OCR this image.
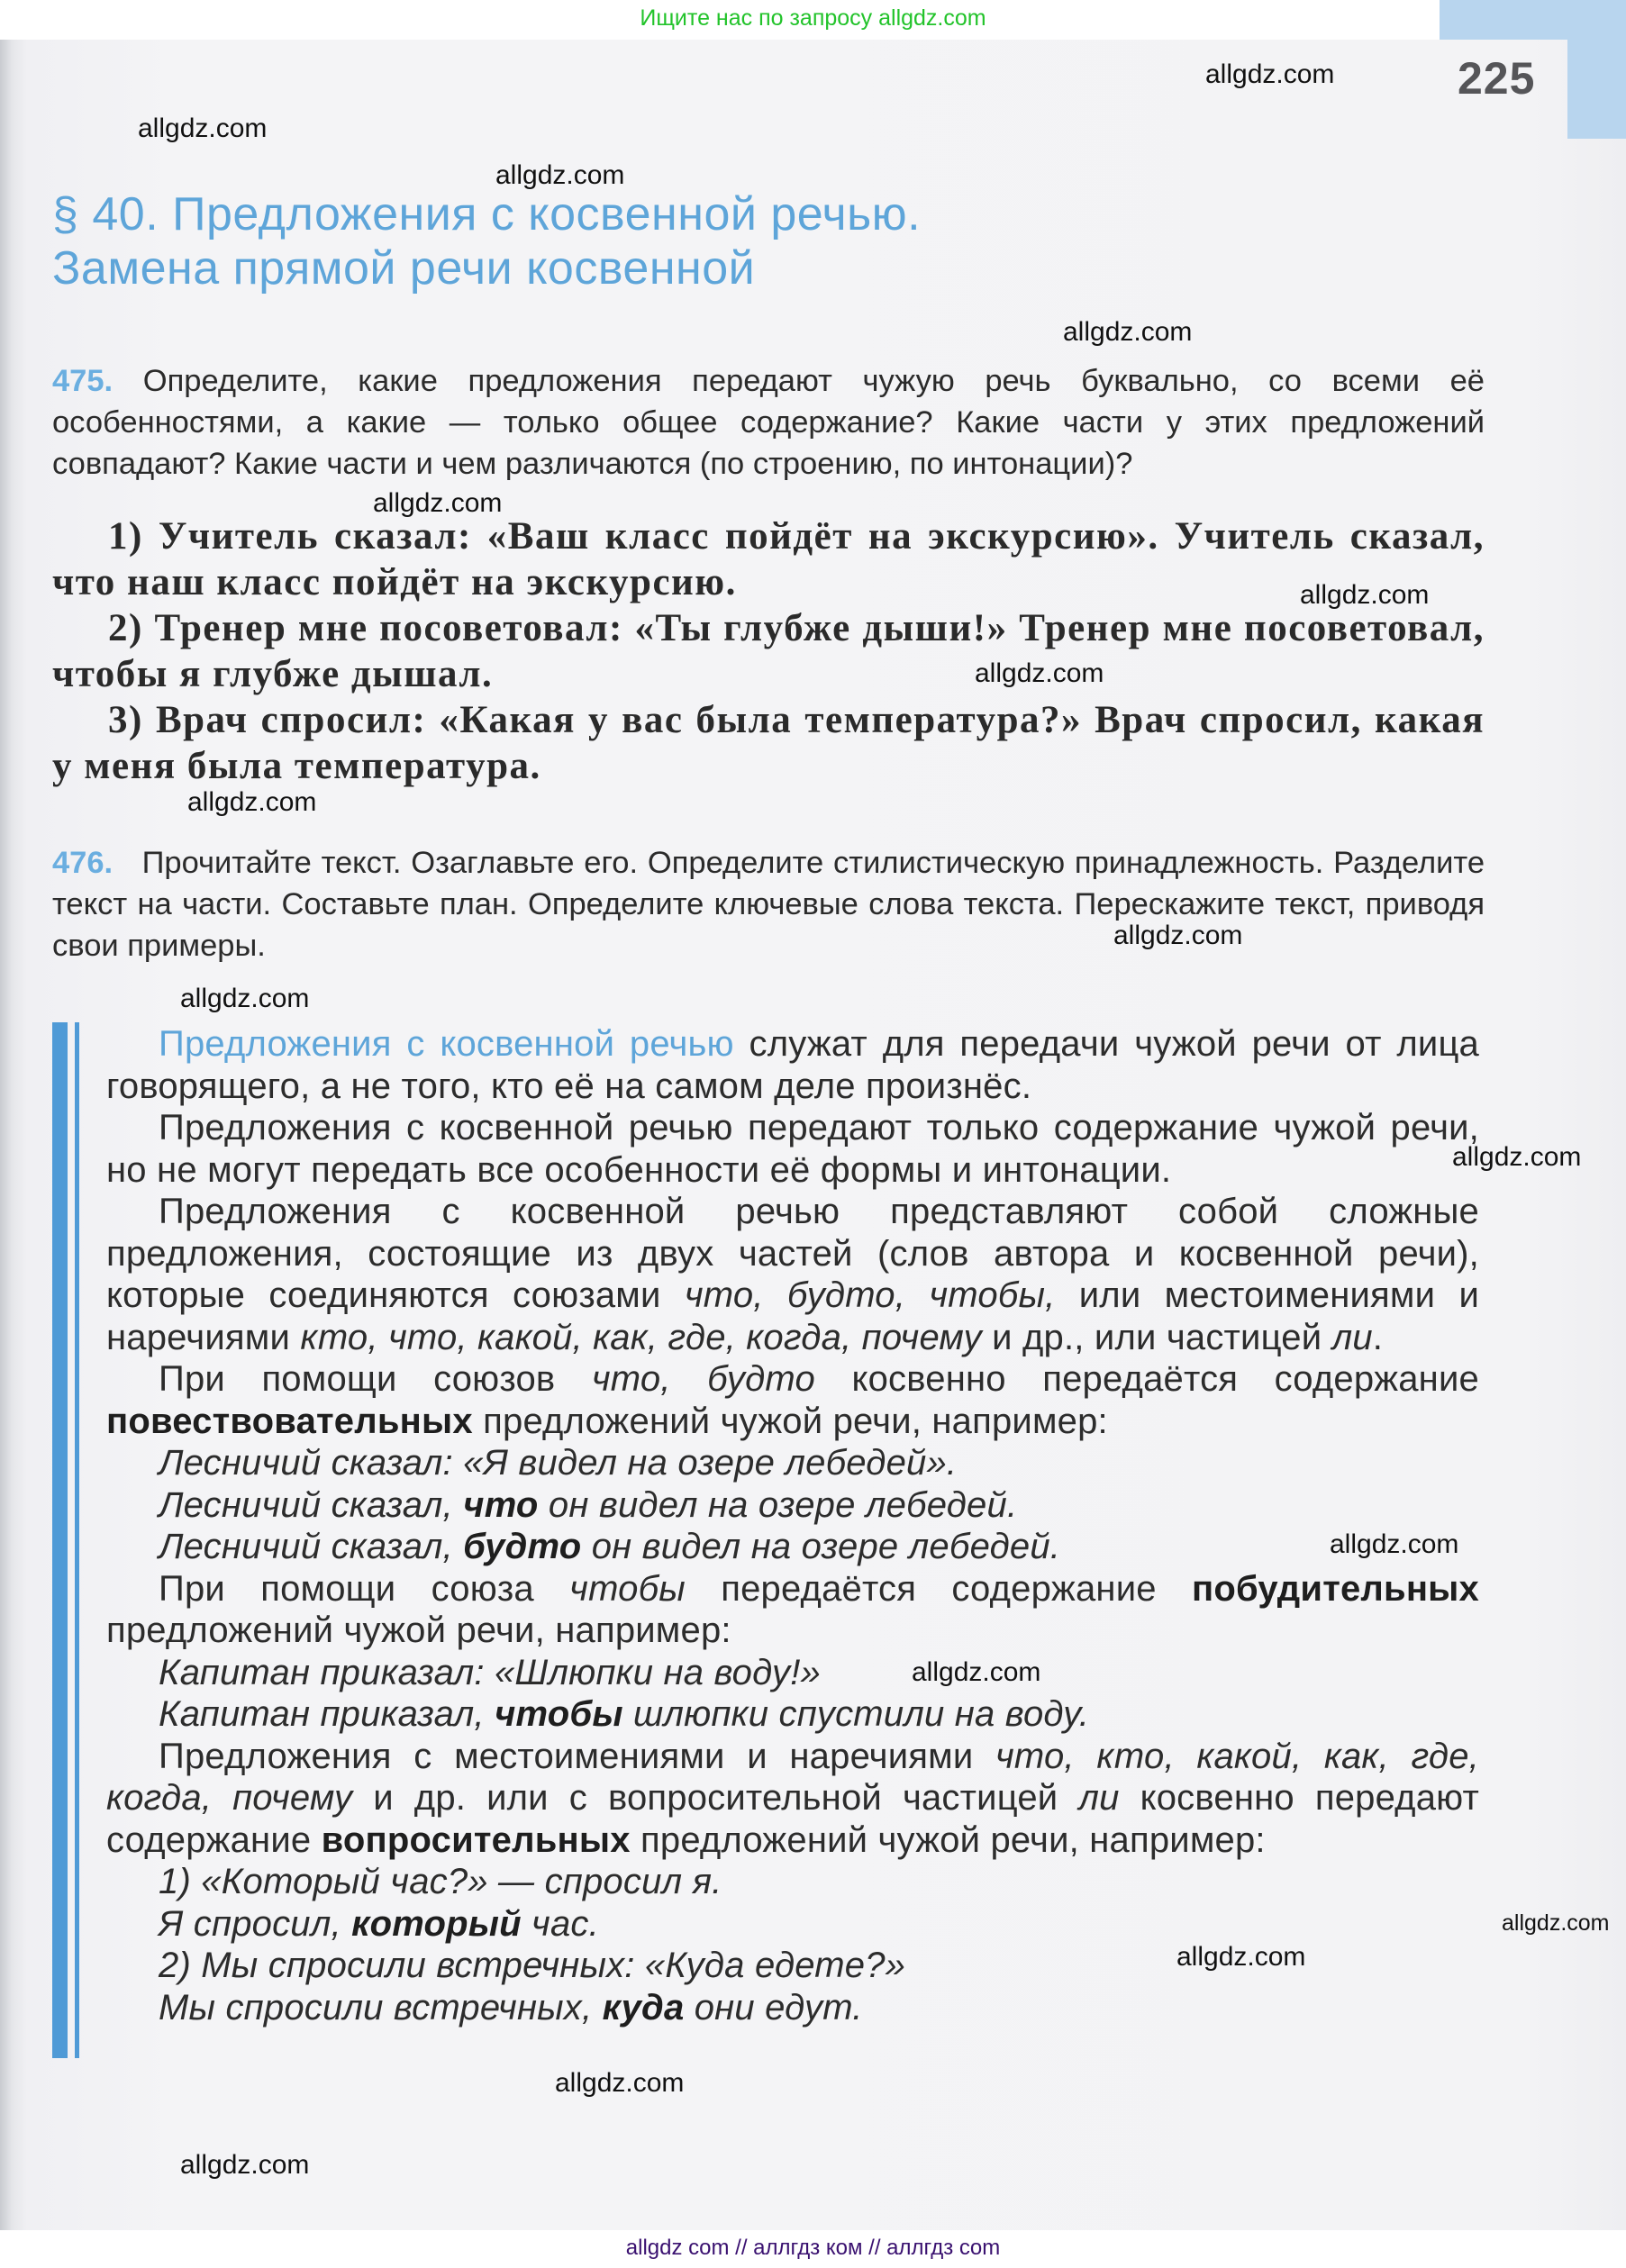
Ищите нас по запросу allgdz.com
225
§ 40. Предложения с косвенной речью.
Замена прямой речи косвенной
475. Определите, какие предложения передают чужую речь буквально, со всеми её особенностями, а какие — только общее содержание? Какие части у этих предложений совпадают? Какие части и чем различаются (по строению, по интонации)?

1) Учитель сказал: «Ваш класс пойдёт на экскурсию». Учитель сказал, что наш класс пойдёт на экскурсию.

2) Тренер мне посоветовал: «Ты глубже дыши!» Тренер мне посоветовал, чтобы я глубже дышал.

3) Врач спросил: «Какая у вас была температура?» Врач спросил, какая у меня была температура.

476. Прочитайте текст. Озаглавьте его. Определите стилистическую принадлежность. Разделите текст на части. Составьте план. Определите ключевые слова текста. Перескажите текст, приводя свои примеры.

Предложения с косвенной речью служат для передачи чужой речи от лица говорящего, а не того, кто её на самом деле произнёс.

Предложения с косвенной речью передают только содержание чужой речи, но не могут передать все особенности её формы и интонации.

Предложения с косвенной речью представляют собой сложные предложения, состоящие из двух частей (слов автора и косвенной речи), которые соединяются союзами что, будто, чтобы, или местоимениями и наречиями кто, что, какой, как, где, когда, почему и др., или частицей ли.

При помощи союзов что, будто косвенно передаётся содержание повествовательных предложений чужой речи, например:

Лесничий сказал: «Я видел на озере лебедей».

Лесничий сказал, что он видел на озере лебедей.

Лесничий сказал, будто он видел на озере лебедей.

При помощи союза чтобы передаётся содержание побудительных предложений чужой речи, например:

Капитан приказал: «Шлюпки на воду!»

Капитан приказал, чтобы шлюпки спустили на воду.

Предложения с местоимениями и наречиями что, кто, какой, как, где, когда, почему и др. или с вопросительной частицей ли косвенно передают содержание вопросительных предложений чужой речи, например:

1) «Который час?» — спросил я.

Я спросил, который час.

2) Мы спросили встречных: «Куда едете?»

Мы спросили встречных, куда они едут.

allgdz.com
allgdz.com
allgdz.com
allgdz.com
allgdz.com
allgdz.com
allgdz.com
allgdz.com
allgdz.com
allgdz.com
allgdz.com
allgdz.com
allgdz.com
allgdz.com
allgdz.com
allgdz.com
allgdz.com
allgdz com // аллгдз ком // аллгдз com
